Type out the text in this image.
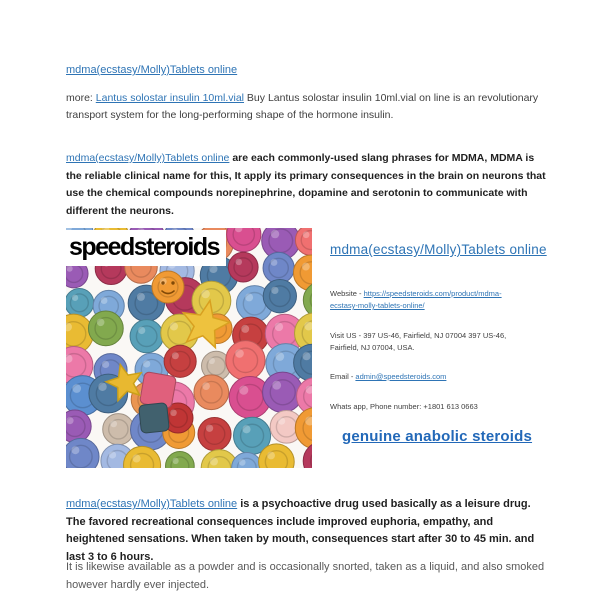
mdma(ecstasy/Molly)Tablets online

more: Lantus solostar insulin 10ml.vial Buy Lantus solostar insulin 10ml.vial on line is an revolutionary transport system for the long-performing shape of the hormone insulin.

mdma(ecstasy/Molly)Tablets online are each commonly-used slang phrases for MDMA, MDMA is the reliable clinical name for this, It apply its primary consequences in the brain on neurons that use the chemical compounds norepinephrine, dopamine and serotonin to communicate with different the neurons.

speedsteroids	mdma(ecstasy/Molly)Tablets online

Website - https://speedsteroids.com/product/mdma-ecstasy-molly-tablets-online/

Visit US - 397 US-46, Fairfield, NJ 07004 397 US-46, Fairfield, NJ 07004, USA.

Email - admin@speedsteroids.com

Whats app, Phone number: +1801 613 0663

genuine anabolic steroids

mdma(ecstasy/Molly)Tablets online is a psychoactive drug used basically as a leisure drug. The favored recreational consequences include improved euphoria, empathy, and heightened sensations. When taken by mouth, consequences start after 30 to 45 min. and last 3 to 6 hours.

It is likewise available as a powder and is occasionally snorted, taken as a liquid, and also smoked however hardly ever injected.
